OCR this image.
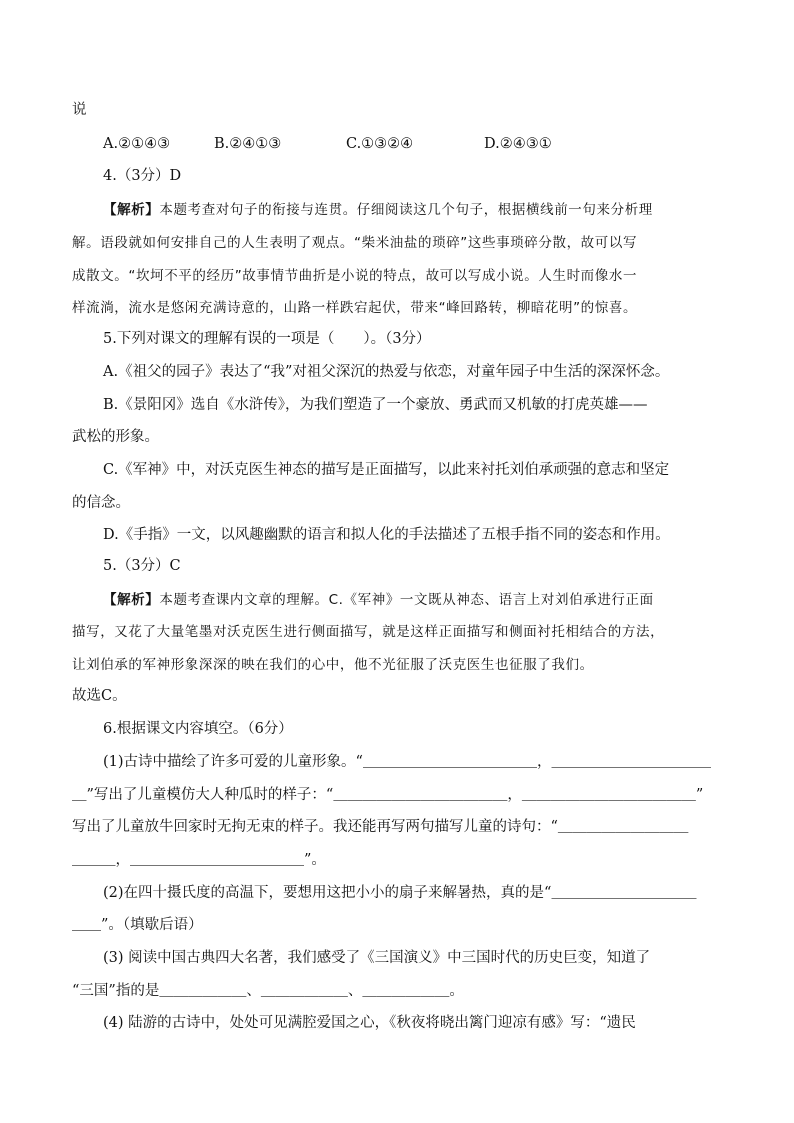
说
A.②①④③	B.②④①③	C.①③②④	D.②④③①
4.（3分）D
【解析】本题考查对句子的衔接与连贯。仔细阅读这几个句子，根据横线前一句来分析理
解。语段就如何安排自己的人生表明了观点。“柴米油盐的琐碎”这些事琐碎分散，故可以写
成散文。“坎坷不平的经历”故事情节曲折是小说的特点，故可以写成小说。人生时而像水一
样流淌，流水是悠闲充满诗意的，山路一样跌宕起伏，带来“峰回路转，柳暗花明”的惊喜。
5.下列对课文的理解有误的一项是（　　）。（3分）
A.《祖父的园子》表达了“我”对祖父深沉的热爱与依恋，对童年园子中生活的深深怀念。
B.《景阳冈》选自《水浒传》，为我们塑造了一个豪放、勇武而又机敏的打虎英雄——
武松的形象。
C.《军神》中，对沃克医生神态的描写是正面描写，以此来衬托刘伯承顽强的意志和坚定
的信念。
D.《手指》一文，以风趣幽默的语言和拟人化的手法描述了五根手指不同的姿态和作用。
5.（3分）C
【解析】本题考查课内文章的理解。C.《军神》一文既从神态、语言上对刘伯承进行正面
描写，又花了大量笔墨对沃克医生进行侧面描写，就是这样正面描写和侧面衬托相结合的方法，
让刘伯承的军神形象深深的映在我们的心中，他不光征服了沃克医生也征服了我们。
故选C。
6.根据课文内容填空。（6分）
(1)古诗中描绘了许多可爱的儿童形象。“＿＿＿＿＿＿＿＿＿＿＿＿，＿＿＿＿＿＿＿＿＿＿＿
＿”写出了儿童模仿大人种瓜时的样子：“＿＿＿＿＿＿＿＿＿＿＿＿，＿＿＿＿＿＿＿＿＿＿＿＿”
写出了儿童放牛回家时无拘无束的样子。我还能再写两句描写儿童的诗句：“＿＿＿＿＿＿＿＿＿
＿＿＿，＿＿＿＿＿＿＿＿＿＿＿＿”。
(2)在四十摄氏度的高温下，要想用这把小小的扇子来解暑热，真的是“＿＿＿＿＿＿＿＿＿＿
＿＿”。（填歇后语）
(3) 阅读中国古典四大名著，我们感受了《三国演义》中三国时代的历史巨变，知道了
“三国”指的是＿＿＿＿＿＿、＿＿＿＿＿＿、＿＿＿＿＿＿。
(4) 陆游的古诗中，处处可见满腔爱国之心，《秋夜将晓出篱门迎凉有感》写：“遗民
